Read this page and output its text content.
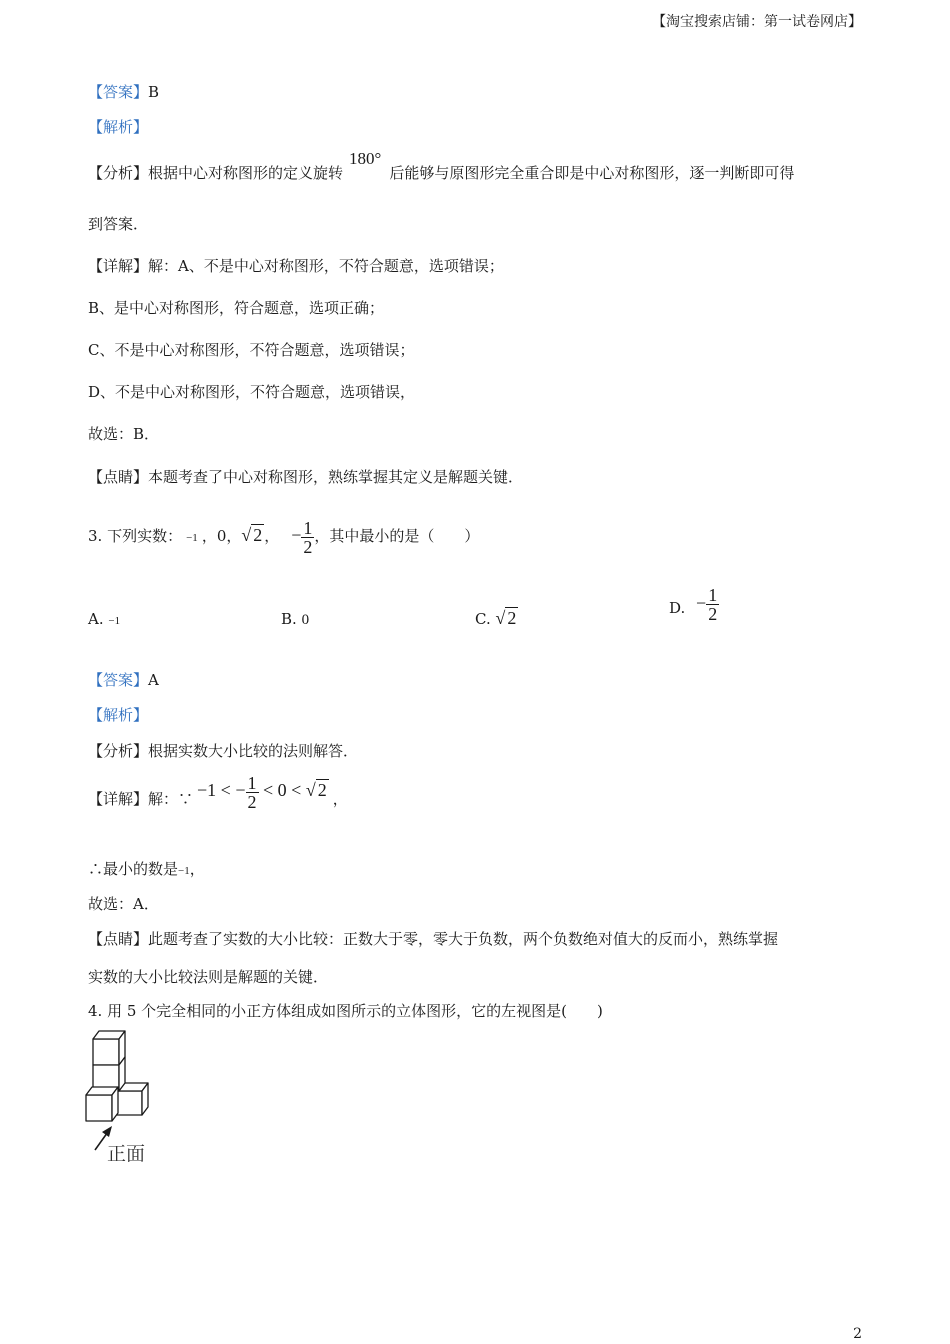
【淘宝搜索店铺：第一试卷网店】
【答案】B
【解析】
【分析】根据中心对称图形的定义旋转180°后能够与原图形完全重合即是中心对称图形，逐一判断即可得
到答案．
【详解】解：A、不是中心对称图形，不符合题意，选项错误；
B、是中心对称图形，符合题意，选项正确；
C、不是中心对称图形，不符合题意，选项错误；
D、不是中心对称图形，不符合题意，选项错误，
故选：B．
【点睛】本题考查了中心对称图形，熟练掌握其定义是解题关键．
3. 下列实数： −1 ，0，√ 2 ， − $\frac{1}{2}$ ，其中最小的是（　　）
A. −1	B. 0	C. √ 2
D. − $\frac{1}{2}$
【答案】A
【解析】
【分析】根据实数大小比较的法则解答．
【详解】解：∵ −1 < − $\frac{1}{2} < 0$ < √ 2 ，
∴最小的数是−1，
故选：A．
【点睛】此题考查了实数的大小比较：正数大于零，零大于负数，两个负数绝对值大的反而小，熟练掌握
实数的大小比较法则是解题的关键．
4. 用 5 个完全相同的小正方体组成如图所示的立体图形，它的左视图是(　　)
正面
2
